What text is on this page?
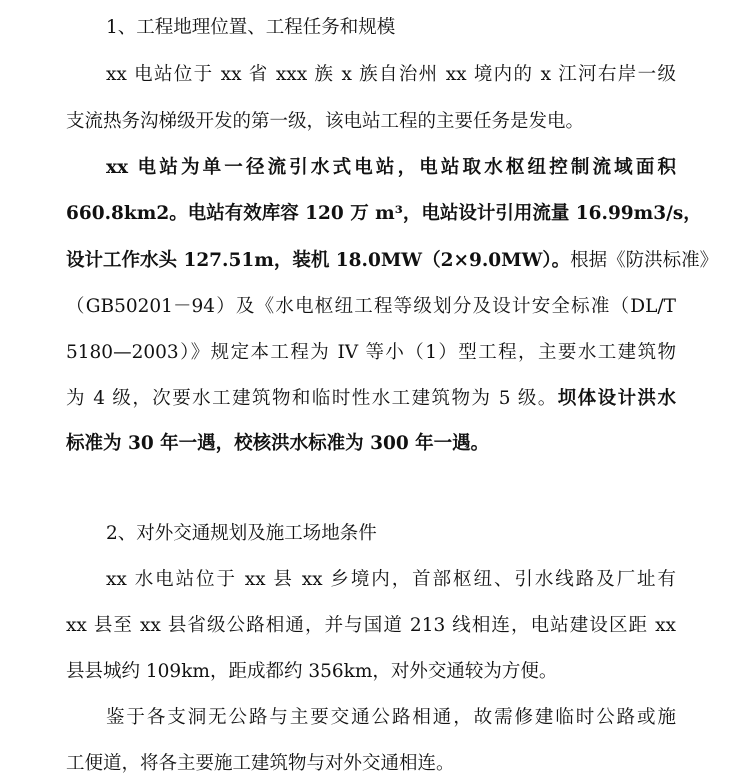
1、工程地理位置、工程任务和规模
xx 电站位于 xx 省 xxx 族 x 族自治州 xx 境内的 x 江河右岸一级
支流热务沟梯级开发的第一级，该电站工程的主要任务是发电。
xx 电站为单一径流引水式电站，电站取水枢纽控制流域面积
660.8km2。电站有效库容 120 万 m³，电站设计引用流量 16.99m3/s，
设计工作水头 127.51m，装机 18.0MW（2×9.0MW）。根据《防洪标准》
（GB50201－94）及《水电枢纽工程等级划分及设计安全标准（DL/T
5180—2003）》规定本工程为 IV 等小（1）型工程，主要水工建筑物
为 4 级，次要水工建筑物和临时性水工建筑物为 5 级。坝体设计洪水
标准为 30 年一遇，校核洪水标准为 300 年一遇。
2、对外交通规划及施工场地条件
xx 水电站位于 xx 县 xx 乡境内，首部枢纽、引水线路及厂址有
xx 县至 xx 县省级公路相通，并与国道 213 线相连，电站建设区距 xx
县县城约 109km，距成都约 356km，对外交通较为方便。
鉴于各支洞无公路与主要交通公路相通，故需修建临时公路或施
工便道，将各主要施工建筑物与对外交通相连。
